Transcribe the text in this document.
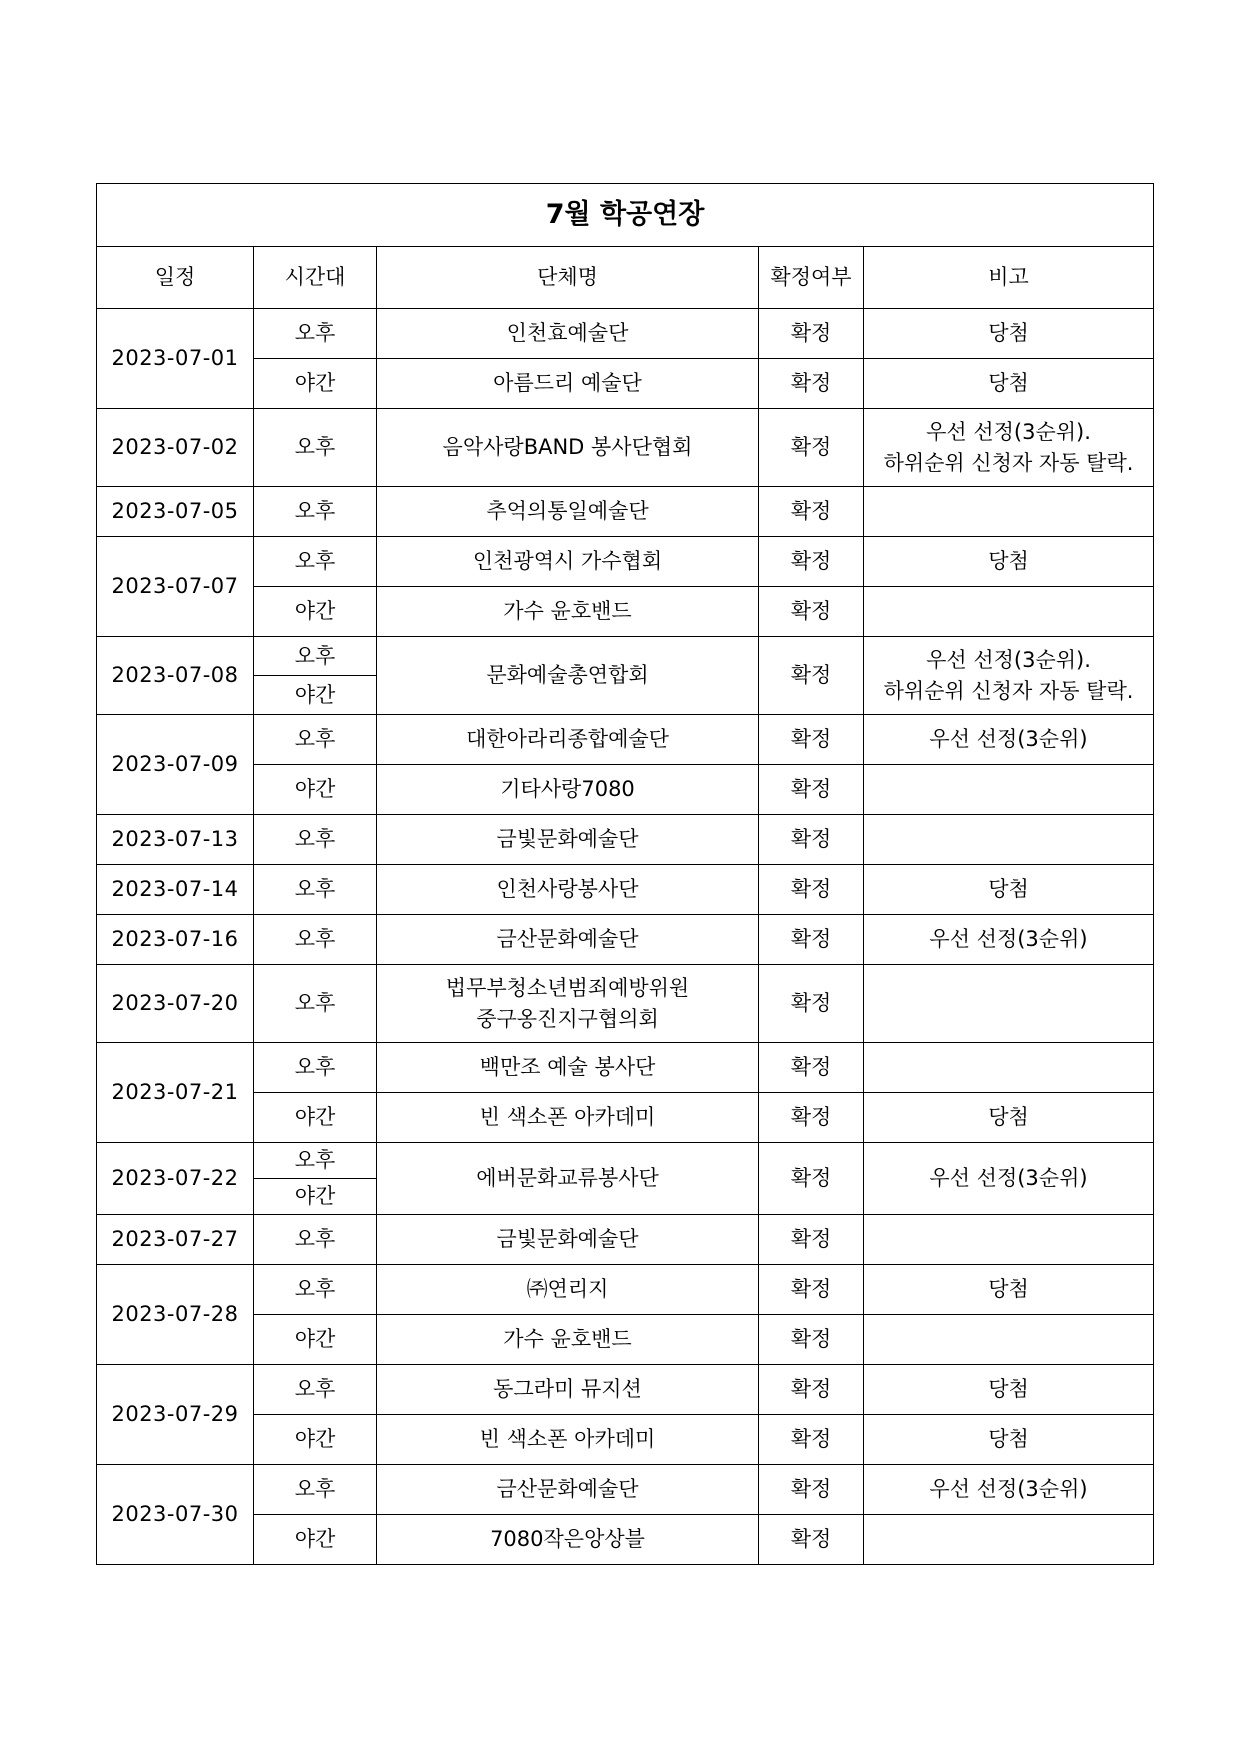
7월 학공연장				
일정	시간대	단체명	확정여부	비고
2023-07-01	오후	인천효예술단	확정	당첨
	야간	아름드리 예술단	확정	당첨
2023-07-02	오후	음악사랑BAND 봉사단협회	확정	우선 선정(3순위).
하위순위 신청자 자동 탈락.
2023-07-05	오후	추억의통일예술단	확정	
2023-07-07	오후	인천광역시 가수협회	확정	당첨
	야간	가수 윤호밴드	확정	
2023-07-08	오후	문화예술총연합회	확정	우선 선정(3순위).
하위순위 신청자 자동 탈락.
	야간			
2023-07-09	오후	대한아라리종합예술단	확정	우선 선정(3순위)
	야간	기타사랑7080	확정	
2023-07-13	오후	금빛문화예술단	확정	
2023-07-14	오후	인천사랑봉사단	확정	당첨
2023-07-16	오후	금산문화예술단	확정	우선 선정(3순위)
2023-07-20	오후	법무부청소년범죄예방위원
중구옹진지구협의회	확정	
2023-07-21	오후	백만조 예술 봉사단	확정	
	야간	빈 색소폰 아카데미	확정	당첨
2023-07-22	오후	에버문화교류봉사단	확정	우선 선정(3순위)
	야간			
2023-07-27	오후	금빛문화예술단	확정	
2023-07-28	오후	㈜연리지	확정	당첨
	야간	가수 윤호밴드	확정	
2023-07-29	오후	동그라미 뮤지션	확정	당첨
	야간	빈 색소폰 아카데미	확정	당첨
2023-07-30	오후	금산문화예술단	확정	우선 선정(3순위)
	야간	7080작은앙상블	확정	
